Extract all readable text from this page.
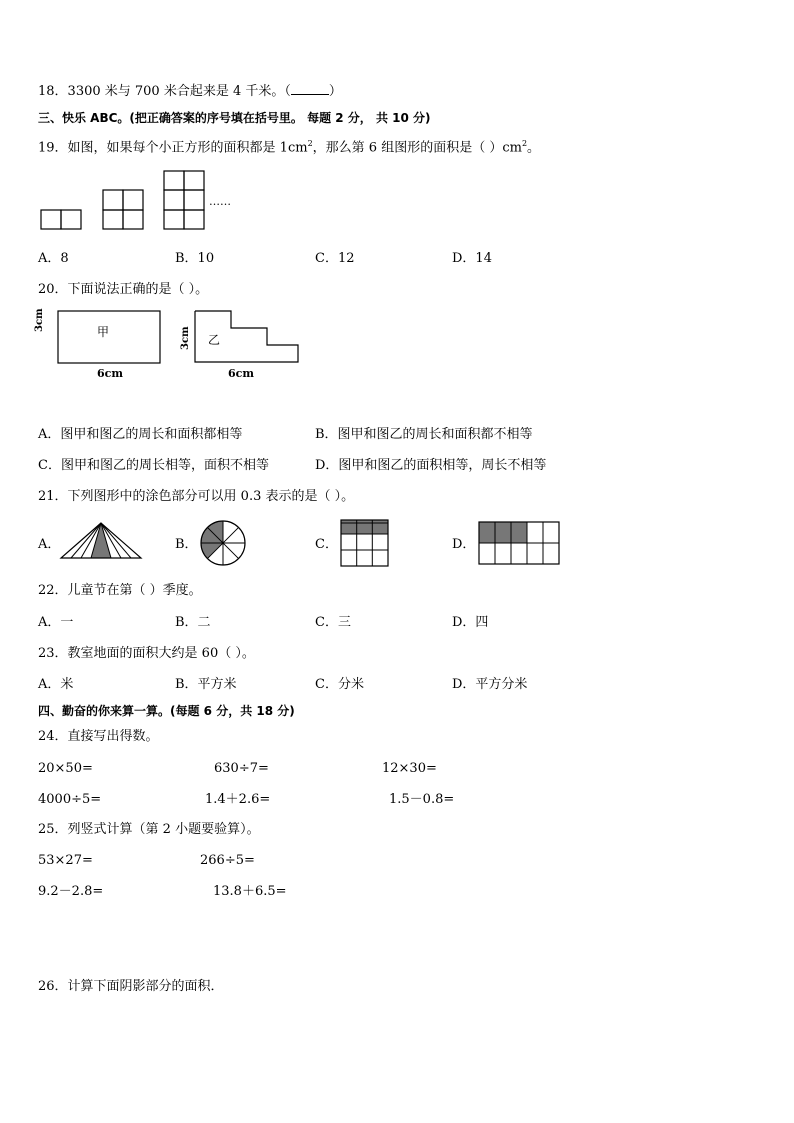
18．3300 米与 700 米合起来是 4 千米。（	）
三、快乐 ABC。(把正确答案的序号填在括号里。 每题 2 分， 共 10 分)
19．如图，如果每个小正方形的面积都是 $1cm^2$，那么第 6 组图形的面积是（ ）$cm^2$。
……
A．8	B．10	C．12	D．14
20．下面说法正确的是（ ）。
甲
3cm
6cm
乙
3cm
6cm
A．图甲和图乙的周长和面积都相等	B．图甲和图乙的周长和面积都不相等
C．图甲和图乙的周长相等，面积不相等	D．图甲和图乙的面积相等，周长不相等
21．下列图形中的涂色部分可以用 0.3 表示的是（ ）。
A．	B．	C．	D．
22．儿童节在第（ ）季度。
A．一	B．二	C．三	D．四
23．教室地面的面积大约是 60（ ）。
A．米	B．平方米	C．分米	D．平方分米
四、勤奋的你来算一算。(每题 6 分，共 18 分)
24．直接写出得数。
20×50=	630÷7=	12×30=
4000÷5=	1.4＋2.6=	1.5－0.8=
25．列竖式计算（第 2 小题要验算）。
53×27=	266÷5=
9.2－2.8=	13.8＋6.5=
26．计算下面阴影部分的面积．
